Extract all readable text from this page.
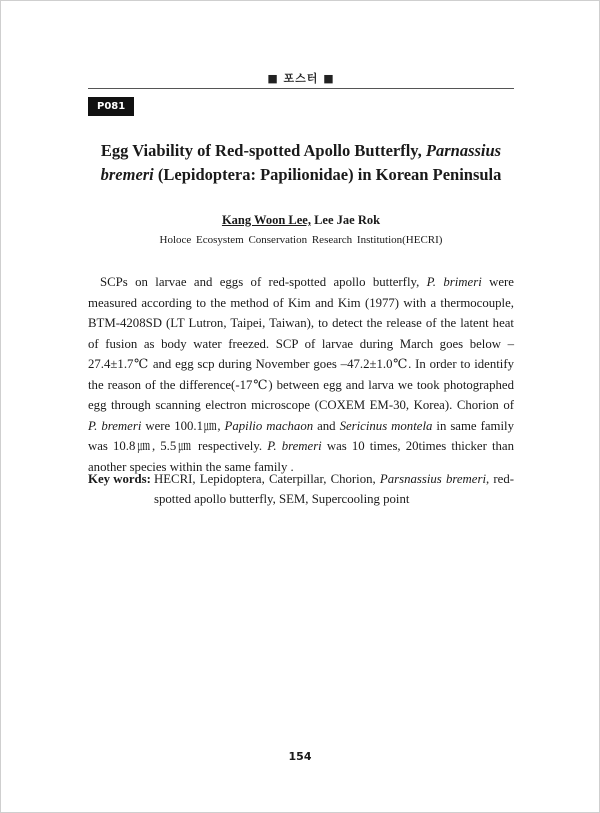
■ 포스터 ■
P081
Egg Viability of Red-spotted Apollo Butterfly, Parnassius
bremeri (Lepidoptera: Papilionidae) in Korean Peninsula
Kang Woon Lee, Lee Jae Rok
Holoce Ecosystem Conservation Research Institution(HECRI)
SCPs on larvae and eggs of red-spotted apollo butterfly, P. brimeri were measured according to the method of Kim and Kim (1977) with a thermocouple, BTM-4208SD (LT Lutron, Taipei, Taiwan), to detect the release of the latent heat of fusion as body water freezed. SCP of larvae during March goes below –27.4±1.7℃ and egg scp during November goes –47.2±1.0℃. In order to identify the reason of the difference(-17℃) between egg and larva we took photographed egg through scanning electron microscope (COXEM EM-30, Korea). Chorion of P. bremeri were 100.1㎛, Papilio machaon and Sericinus montela in same family was 10.8㎛, 5.5㎛ respectively. P. bremeri was 10 times, 20times thicker than another species within the same family .
Key words: HECRI, Lepidoptera, Caterpillar, Chorion, Parsnassius bremeri, red-spotted apollo butterfly, SEM, Supercooling point
154
